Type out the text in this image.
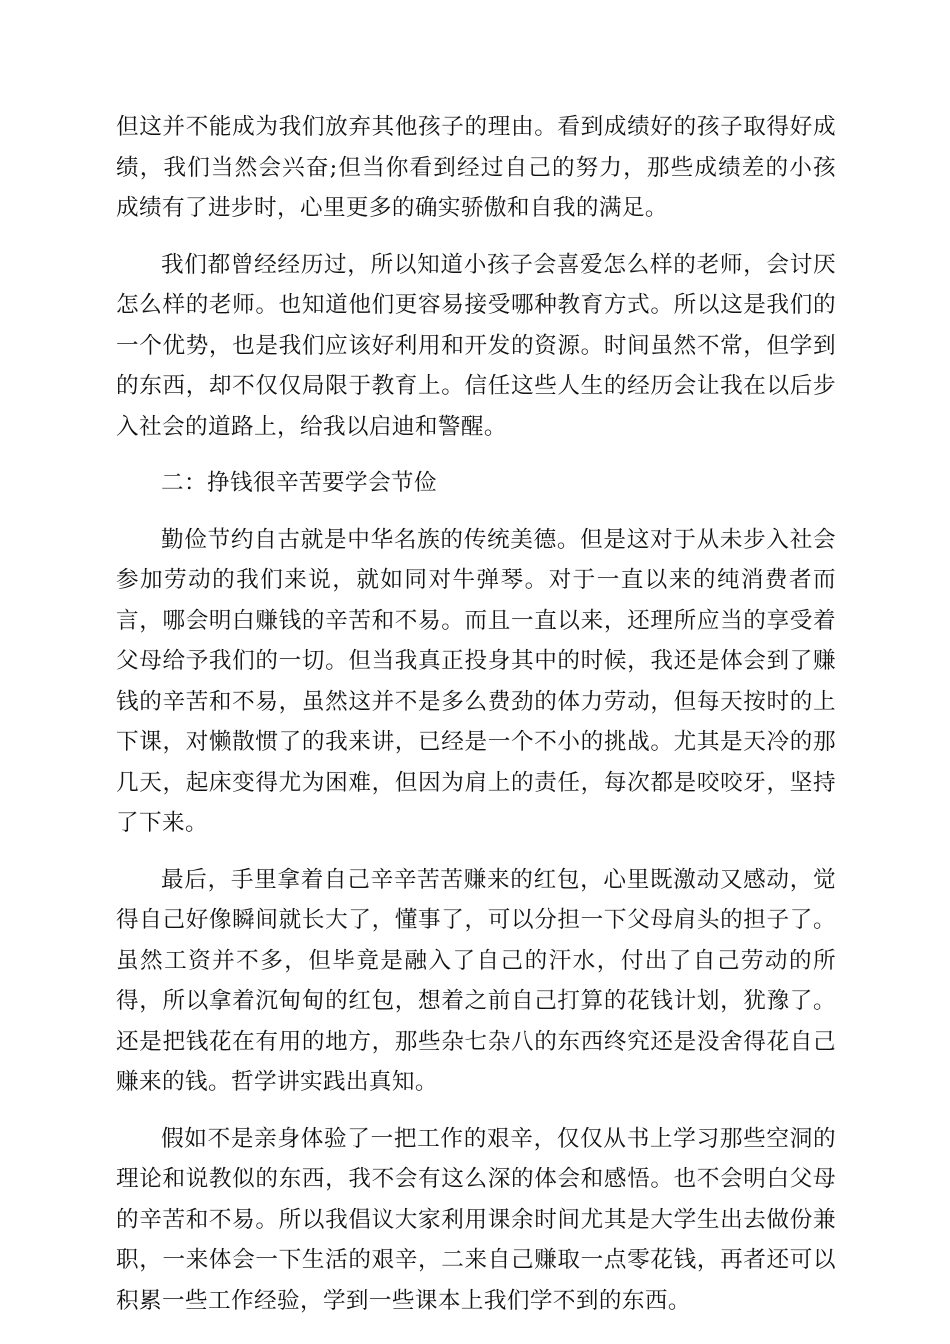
但这并不能成为我们放弃其他孩子的理由。看到成绩好的孩子取得好成绩，我们当然会兴奋;但当你看到经过自己的努力，那些成绩差的小孩成绩有了进步时，心里更多的确实骄傲和自我的满足。

我们都曾经经历过，所以知道小孩子会喜爱怎么样的老师，会讨厌怎么样的老师。也知道他们更容易接受哪种教育方式。所以这是我们的一个优势，也是我们应该好利用和开发的资源。时间虽然不常，但学到的东西，却不仅仅局限于教育上。信任这些人生的经历会让我在以后步入社会的道路上，给我以启迪和警醒。

二：挣钱很辛苦要学会节俭

勤俭节约自古就是中华名族的传统美德。但是这对于从未步入社会参加劳动的我们来说，就如同对牛弹琴。对于一直以来的纯消费者而言，哪会明白赚钱的辛苦和不易。而且一直以来，还理所应当的享受着父母给予我们的一切。但当我真正投身其中的时候，我还是体会到了赚钱的辛苦和不易，虽然这并不是多么费劲的体力劳动，但每天按时的上下课，对懒散惯了的我来讲，已经是一个不小的挑战。尤其是天冷的那几天，起床变得尤为困难，但因为肩上的责任，每次都是咬咬牙，坚持了下来。

最后，手里拿着自己辛辛苦苦赚来的红包，心里既激动又感动，觉得自己好像瞬间就长大了，懂事了，可以分担一下父母肩头的担子了。虽然工资并不多，但毕竟是融入了自己的汗水，付出了自己劳动的所得，所以拿着沉甸甸的红包，想着之前自己打算的花钱计划，犹豫了。还是把钱花在有用的地方，那些杂七杂八的东西终究还是没舍得花自己赚来的钱。哲学讲实践出真知。

假如不是亲身体验了一把工作的艰辛，仅仅从书上学习那些空洞的理论和说教似的东西，我不会有这么深的体会和感悟。也不会明白父母的辛苦和不易。所以我倡议大家利用课余时间尤其是大学生出去做份兼职，一来体会一下生活的艰辛，二来自己赚取一点零花钱，再者还可以积累一些工作经验，学到一些课本上我们学不到的东西。
